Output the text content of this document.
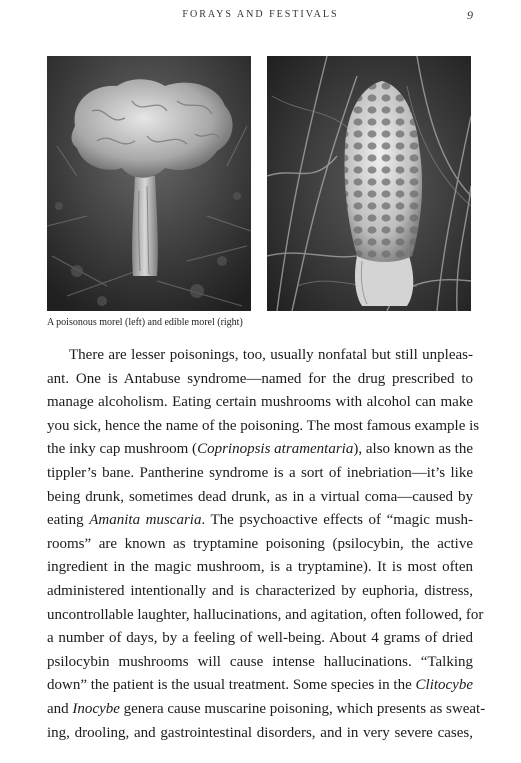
FORAYS AND FESTIVALS	9
A poisonous morel (left) and edible morel (right)
There are lesser poisonings, too, usually nonfatal but still unpleas-
ant. One is Antabuse syndrome—named for the drug prescribed to
manage alcoholism. Eating certain mushrooms with alcohol can make
you sick, hence the name of the poisoning. The most famous example is
the inky cap mushroom (Coprinopsis atramentaria), also known as the
tippler’s bane. Pantherine syndrome is a sort of inebriation—it’s like
being drunk, sometimes dead drunk, as in a virtual coma—caused by
eating Amanita muscaria. The psychoactive effects of “magic mush-
rooms” are known as tryptamine poisoning (psilocybin, the active
ingredient in the magic mushroom, is a tryptamine). It is most often
administered intentionally and is characterized by euphoria, distress,
uncontrollable laughter, hallucinations, and agitation, often followed, for
a number of days, by a feeling of well-being. About 4 grams of dried
psilocybin mushrooms will cause intense hallucinations. “Talking
down” the patient is the usual treatment. Some species in the Clitocybe
and Inocybe genera cause muscarine poisoning, which presents as sweat-
ing, drooling, and gastrointestinal disorders, and in very severe cases,
